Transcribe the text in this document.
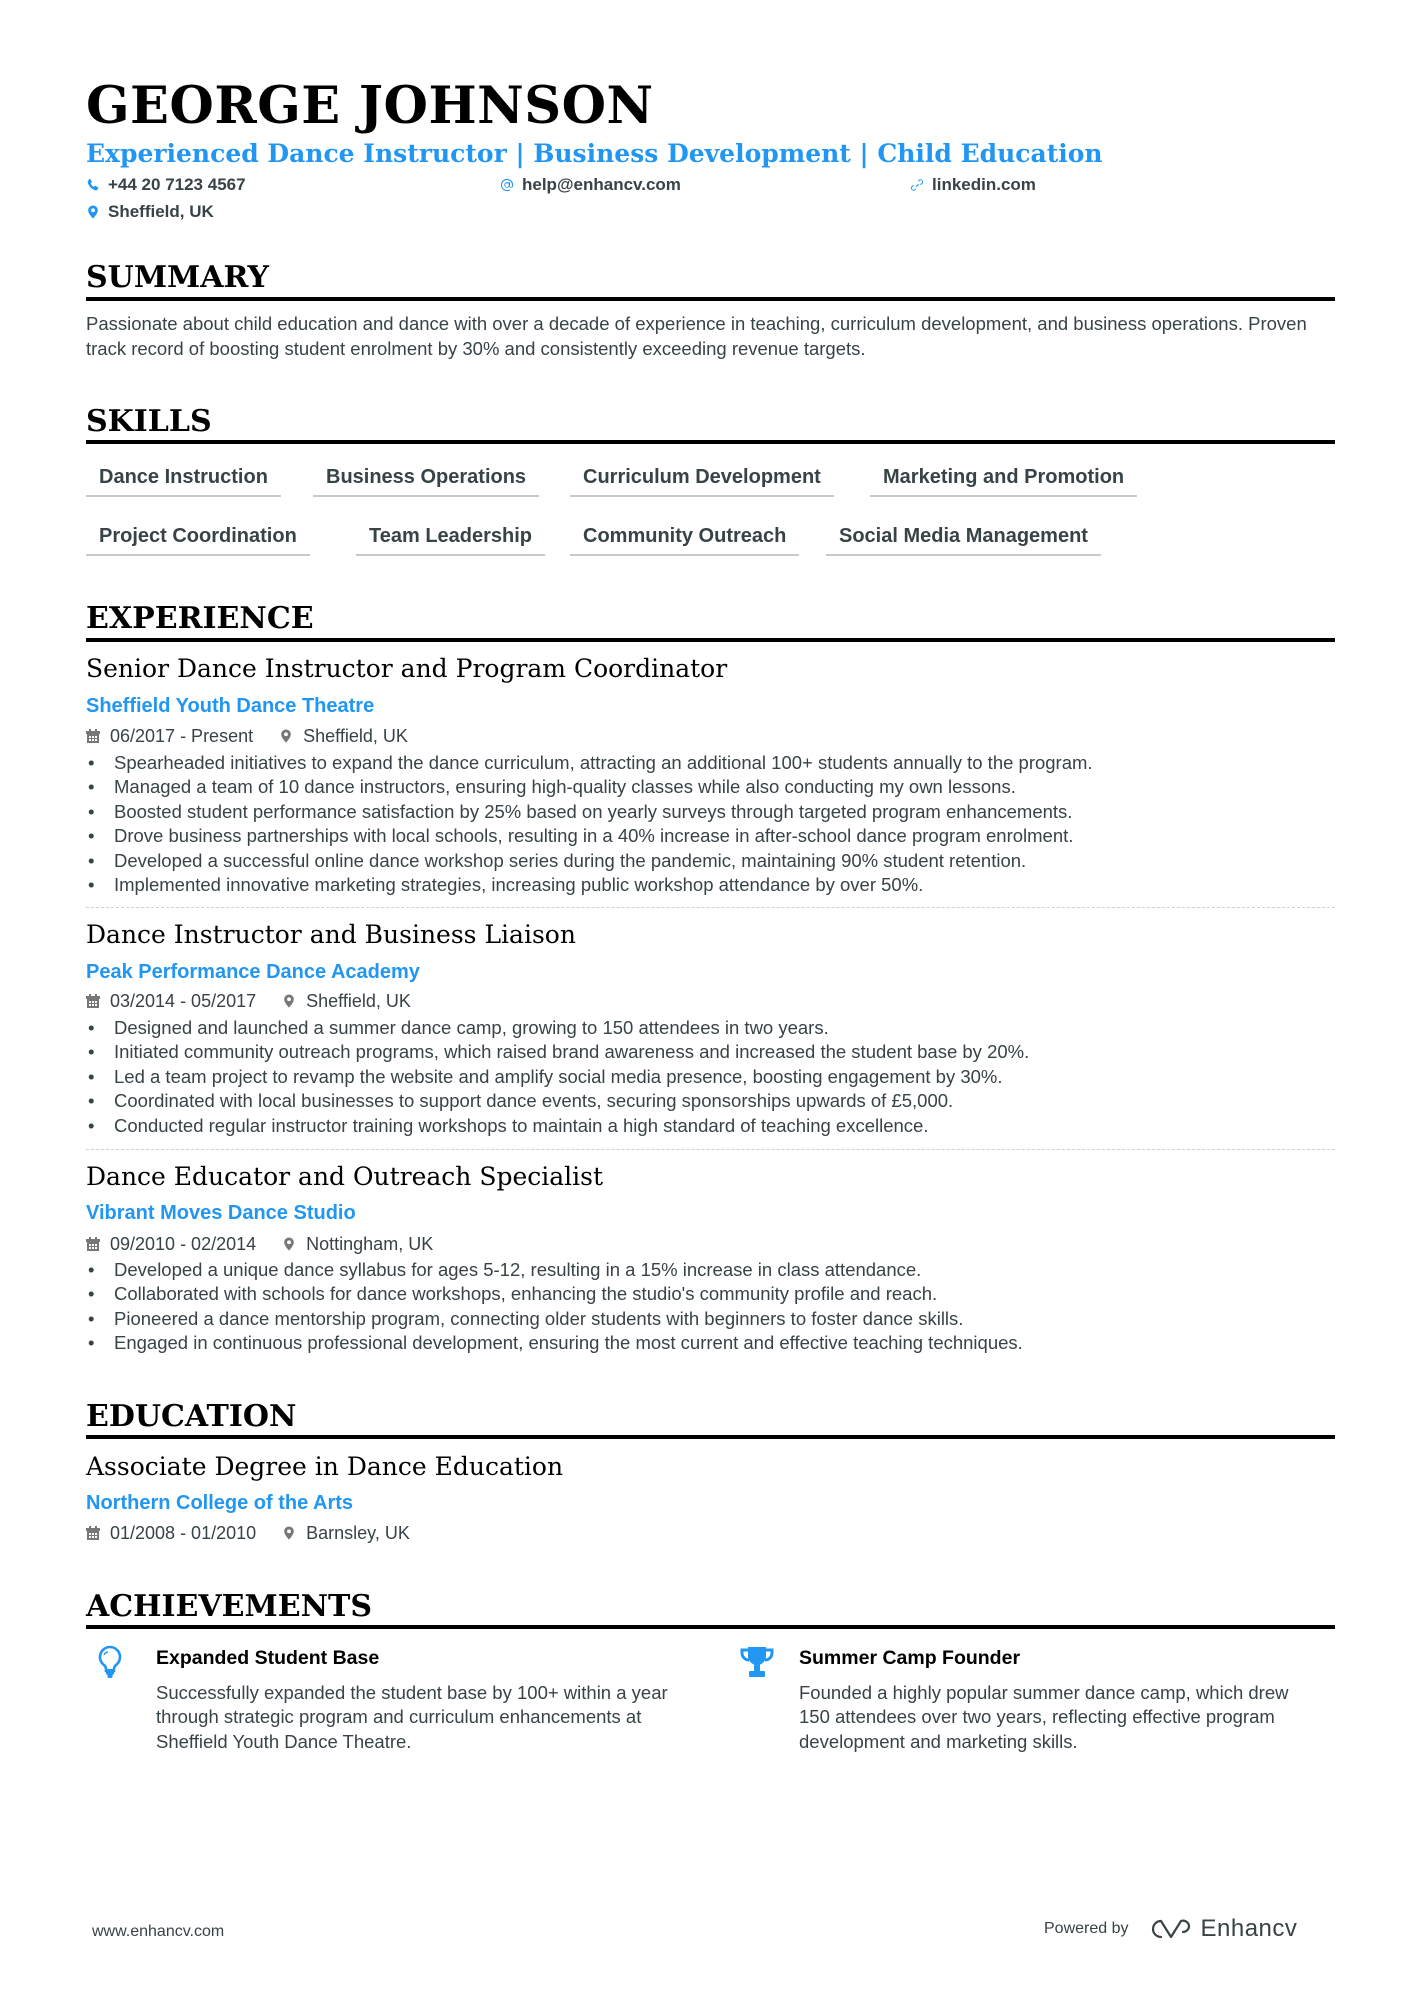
GEORGE JOHNSON
Experienced Dance Instructor | Business Development | Child Education
+44 20 7123 4567	help@enhancv.com	linkedin.com
Sheffield, UK
SUMMARY
Passionate about child education and dance with over a decade of experience in teaching, curriculum development, and business operations. Proven track record of boosting student enrolment by 30% and consistently exceeding revenue targets.
SKILLS
Dance Instruction	Business Operations	Curriculum Development	Marketing and Promotion
Project Coordination	Team Leadership	Community Outreach	Social Media Management
EXPERIENCE
Senior Dance Instructor and Program Coordinator
Sheffield Youth Dance Theatre
06/2017 - Present	Sheffield, UK
• Spearheaded initiatives to expand the dance curriculum, attracting an additional 100+ students annually to the program.
• Managed a team of 10 dance instructors, ensuring high-quality classes while also conducting my own lessons.
• Boosted student performance satisfaction by 25% based on yearly surveys through targeted program enhancements.
• Drove business partnerships with local schools, resulting in a 40% increase in after-school dance program enrolment.
• Developed a successful online dance workshop series during the pandemic, maintaining 90% student retention.
• Implemented innovative marketing strategies, increasing public workshop attendance by over 50%.
Dance Instructor and Business Liaison
Peak Performance Dance Academy
03/2014 - 05/2017	Sheffield, UK
• Designed and launched a summer dance camp, growing to 150 attendees in two years.
• Initiated community outreach programs, which raised brand awareness and increased the student base by 20%.
• Led a team project to revamp the website and amplify social media presence, boosting engagement by 30%.
• Coordinated with local businesses to support dance events, securing sponsorships upwards of £5,000.
• Conducted regular instructor training workshops to maintain a high standard of teaching excellence.
Dance Educator and Outreach Specialist
Vibrant Moves Dance Studio
09/2010 - 02/2014	Nottingham, UK
• Developed a unique dance syllabus for ages 5-12, resulting in a 15% increase in class attendance.
• Collaborated with schools for dance workshops, enhancing the studio's community profile and reach.
• Pioneered a dance mentorship program, connecting older students with beginners to foster dance skills.
• Engaged in continuous professional development, ensuring the most current and effective teaching techniques.
EDUCATION
Associate Degree in Dance Education
Northern College of the Arts
01/2008 - 01/2010	Barnsley, UK
ACHIEVEMENTS
Expanded Student Base
Successfully expanded the student base by 100+ within a year through strategic program and curriculum enhancements at Sheffield Youth Dance Theatre.
Summer Camp Founder
Founded a highly popular summer dance camp, which drew 150 attendees over two years, reflecting effective program development and marketing skills.
www.enhancv.com	Powered by	Enhancv
